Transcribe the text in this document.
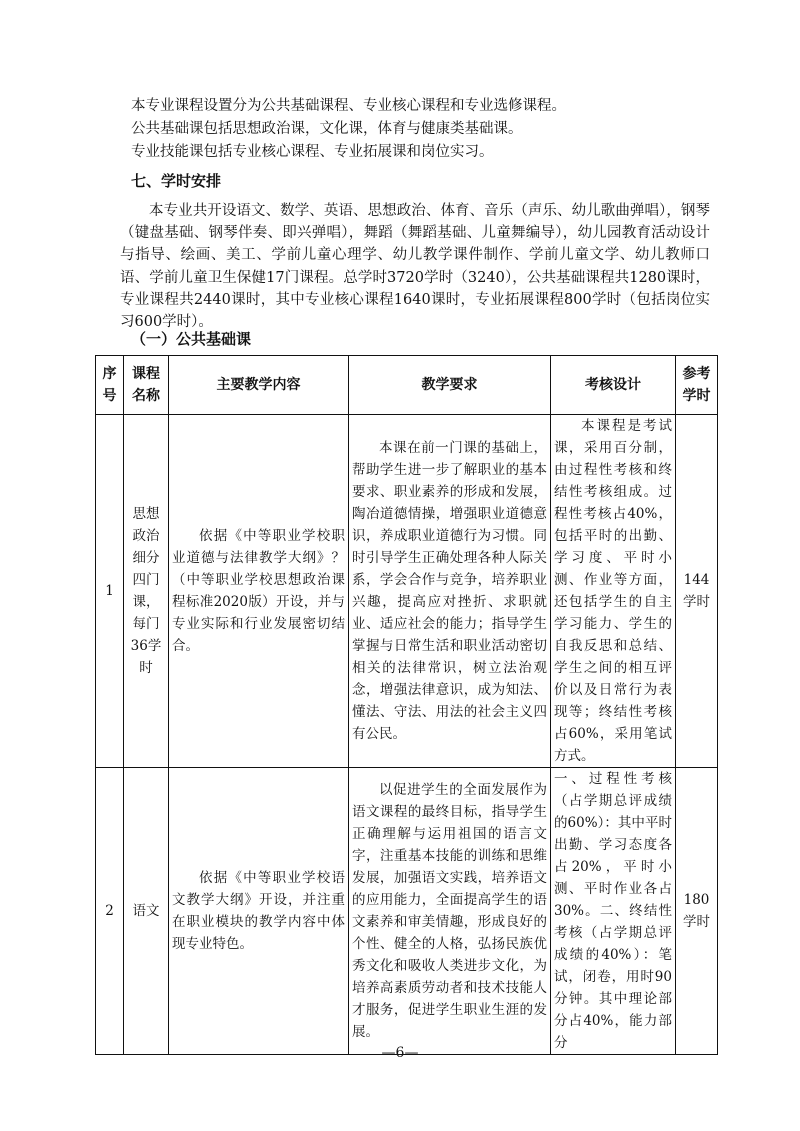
本专业课程设置分为公共基础课程、专业核心课程和专业选修课程。
公共基础课包括思想政治课，文化课，体育与健康类基础课。
专业技能课包括专业核心课程、专业拓展课和岗位实习。
七、学时安排

本专业共开设语文、数学、英语、思想政治、体育、音乐（声乐、幼儿歌曲弹唱），钢琴（键盘基础、钢琴伴奏、即兴弹唱），舞蹈（舞蹈基础、儿童舞编导），幼儿园教育活动设计与指导、绘画、美工、学前儿童心理学、幼儿教学课件制作、学前儿童文学、幼儿教师口语、学前儿童卫生保健17门课程。总学时3720学时（3240），公共基础课程共1280课时，专业课程共2440课时，其中专业核心课程1640课时，专业拓展课程800学时（包括岗位实习600学时）。

（一）公共基础课
序号	课程名称	主要教学内容	教学要求	考核设计	参考学时
1	思想政治细分四门课，每门36学时	依据《中等职业学校职业道德与法律教学大纲》？（中等职业学校思想政治课程标准2020版）开设，并与专业实际和行业发展密切结合。	本课在前一门课的基础上，帮助学生进一步了解职业的基本要求、职业素养的形成和发展，陶冶道德情操，增强职业道德意识，养成职业道德行为习惯。同时引导学生正确处理各种人际关系，学会合作与竞争，培养职业兴趣，提高应对挫折、求职就业、适应社会的能力；指导学生掌握与日常生活和职业活动密切相关的法律常识，树立法治观念，增强法律意识，成为知法、懂法、守法、用法的社会主义四有公民。	本课程是考试课，采用百分制，由过程性考核和终结性考核组成。过程性考核占40%，包括平时的出勤、学习度、平时小测、作业等方面，还包括学生的自主学习能力、学生的自我反思和总结、学生之间的相互评价以及日常行为表现等；终结性考核占60%，采用笔试方式。	144学时
2	语文	依据《中等职业学校语文教学大纲》开设，并注重在职业模块的教学内容中体现专业特色。	以促进学生的全面发展作为语文课程的最终目标，指导学生正确理解与运用祖国的语言文字，注重基本技能的训练和思维发展，加强语文实践，培养语文的应用能力，全面提高学生的语文素养和审美情趣，形成良好的个性、健全的人格，弘扬民族优秀文化和吸收人类进步文化，为培养高素质劳动者和技术技能人才服务，促进学生职业生涯的发展。	一、过程性考核（占学期总评成绩的60%）：其中平时出勤、学习态度各占20%，平时小测、平时作业各占30%。二、终结性考核（占学期总评成绩的40%）：笔试，闭卷，用时90分钟。其中理论部分占40%，能力部分	180学时
—6—
